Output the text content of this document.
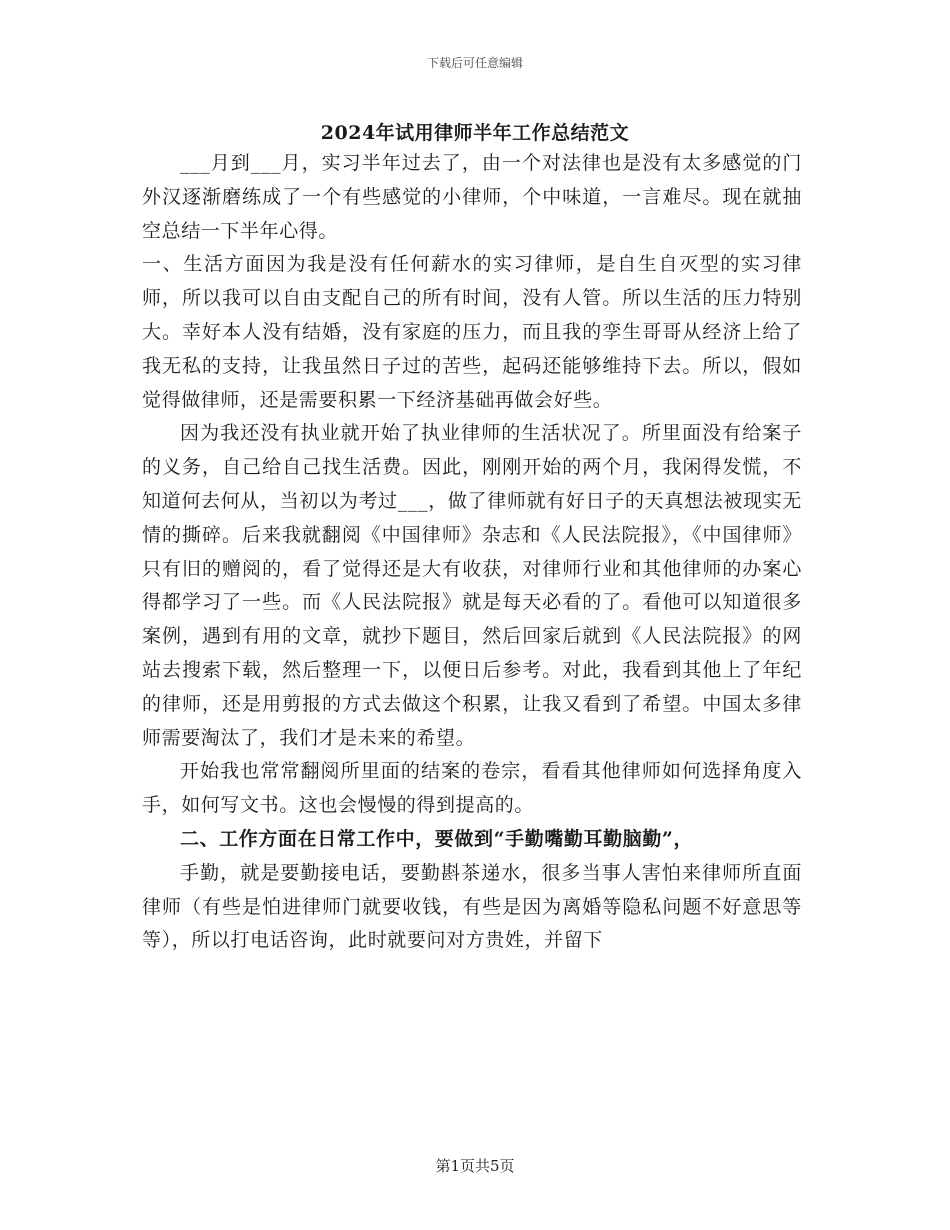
下载后可任意编辑
2024年试用律师半年工作总结范文

___月到___月，实习半年过去了，由一个对法律也是没有太多感觉的门外汉逐渐磨练成了一个有些感觉的小律师，个中味道，一言难尽。现在就抽空总结一下半年心得。

一、生活方面因为我是没有任何薪水的实习律师，是自生自灭型的实习律师，所以我可以自由支配自己的所有时间，没有人管。所以生活的压力特别大。幸好本人没有结婚，没有家庭的压力，而且我的孪生哥哥从经济上给了我无私的支持，让我虽然日子过的苦些，起码还能够维持下去。所以，假如觉得做律师，还是需要积累一下经济基础再做会好些。

因为我还没有执业就开始了执业律师的生活状况了。所里面没有给案子的义务，自己给自己找生活费。因此，刚刚开始的两个月，我闲得发慌，不知道何去何从，当初以为考过___，做了律师就有好日子的天真想法被现实无情的撕碎。后来我就翻阅《中国律师》杂志和《人民法院报》，《中国律师》只有旧的赠阅的，看了觉得还是大有收获，对律师行业和其他律师的办案心得都学习了一些。而《人民法院报》就是每天必看的了。看他可以知道很多案例，遇到有用的文章，就抄下题目，然后回家后就到《人民法院报》的网站去搜索下载，然后整理一下，以便日后参考。对此，我看到其他上了年纪的律师，还是用剪报的方式去做这个积累，让我又看到了希望。中国太多律师需要淘汰了，我们才是未来的希望。

开始我也常常翻阅所里面的结案的卷宗，看看其他律师如何选择角度入手，如何写文书。这也会慢慢的得到提高的。

二、工作方面在日常工作中，要做到“手勤嘴勤耳勤脑勤”，

手勤，就是要勤接电话，要勤斟茶递水，很多当事人害怕来律师所直面律师（有些是怕进律师门就要收钱，有些是因为离婚等隐私问题不好意思等等），所以打电话咨询，此时就要问对方贵姓，并留下

第1页共5页
